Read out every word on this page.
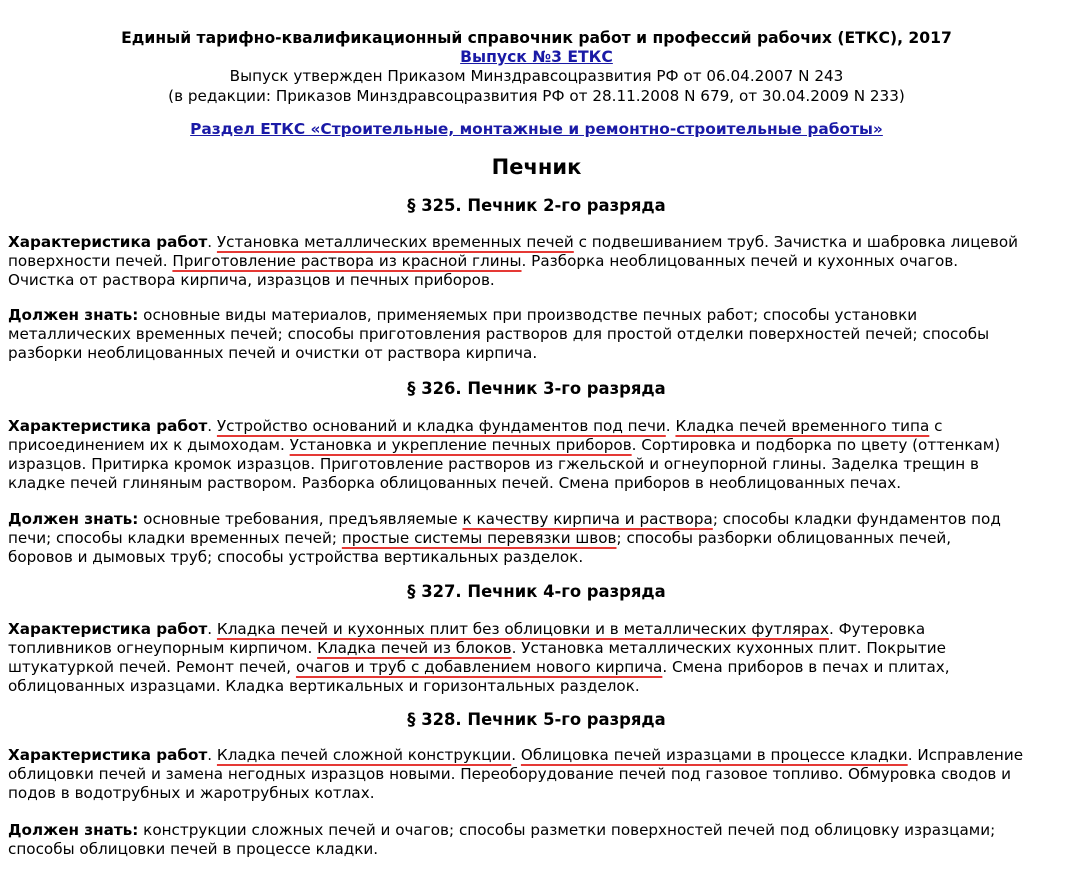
Единый тарифно-квалификационный справочник работ и профессий рабочих (ЕТКС), 2017
Выпуск №3 ЕТКС
Выпуск утвержден Приказом Минздравсоцразвития РФ от 06.04.2007 N 243
(в редакции: Приказов Минздравсоцразвития РФ от 28.11.2008 N 679, от 30.04.2009 N 233)
Раздел ЕТКС «Строительные, монтажные и ремонтно-строительные работы»
Печник
§ 325. Печник 2-го разряда
Характеристика работ. Установка металлических временных печей с подвешиванием труб. Зачистка и шабровка лицевой
поверхности печей. Приготовление раствора из красной глины. Разборка необлицованных печей и кухонных очагов.
Очистка от раствора кирпича, изразцов и печных приборов.
Должен знать: основные виды материалов, применяемых при производстве печных работ; способы установки
металлических временных печей; способы приготовления растворов для простой отделки поверхностей печей; способы
разборки необлицованных печей и очистки от раствора кирпича.
§ 326. Печник 3-го разряда
Характеристика работ. Устройство оснований и кладка фундаментов под печи. Кладка печей временного типа с
присоединением их к дымоходам. Установка и укрепление печных приборов. Сортировка и подборка по цвету (оттенкам)
изразцов. Притирка кромок изразцов. Приготовление растворов из гжельской и огнеупорной глины. Заделка трещин в
кладке печей глиняным раствором. Разборка облицованных печей. Смена приборов в необлицованных печах.
Должен знать: основные требования, предъявляемые к качеству кирпича и раствора; способы кладки фундаментов под
печи; способы кладки временных печей; простые системы перевязки швов; способы разборки облицованных печей,
боровов и дымовых труб; способы устройства вертикальных разделок.
§ 327. Печник 4-го разряда
Характеристика работ. Кладка печей и кухонных плит без облицовки и в металлических футлярах. Футеровка
топливников огнеупорным кирпичом. Кладка печей из блоков. Установка металлических кухонных плит. Покрытие
штукатуркой печей. Ремонт печей, очагов и труб с добавлением нового кирпича. Смена приборов в печах и плитах,
облицованных изразцами. Кладка вертикальных и горизонтальных разделок.
§ 328. Печник 5-го разряда
Характеристика работ. Кладка печей сложной конструкции. Облицовка печей изразцами в процессе кладки. Исправление
облицовки печей и замена негодных изразцов новыми. Переоборудование печей под газовое топливо. Обмуровка сводов и
подов в водотрубных и жаротрубных котлах.
Должен знать: конструкции сложных печей и очагов; способы разметки поверхностей печей под облицовку изразцами;
способы облицовки печей в процессе кладки.
